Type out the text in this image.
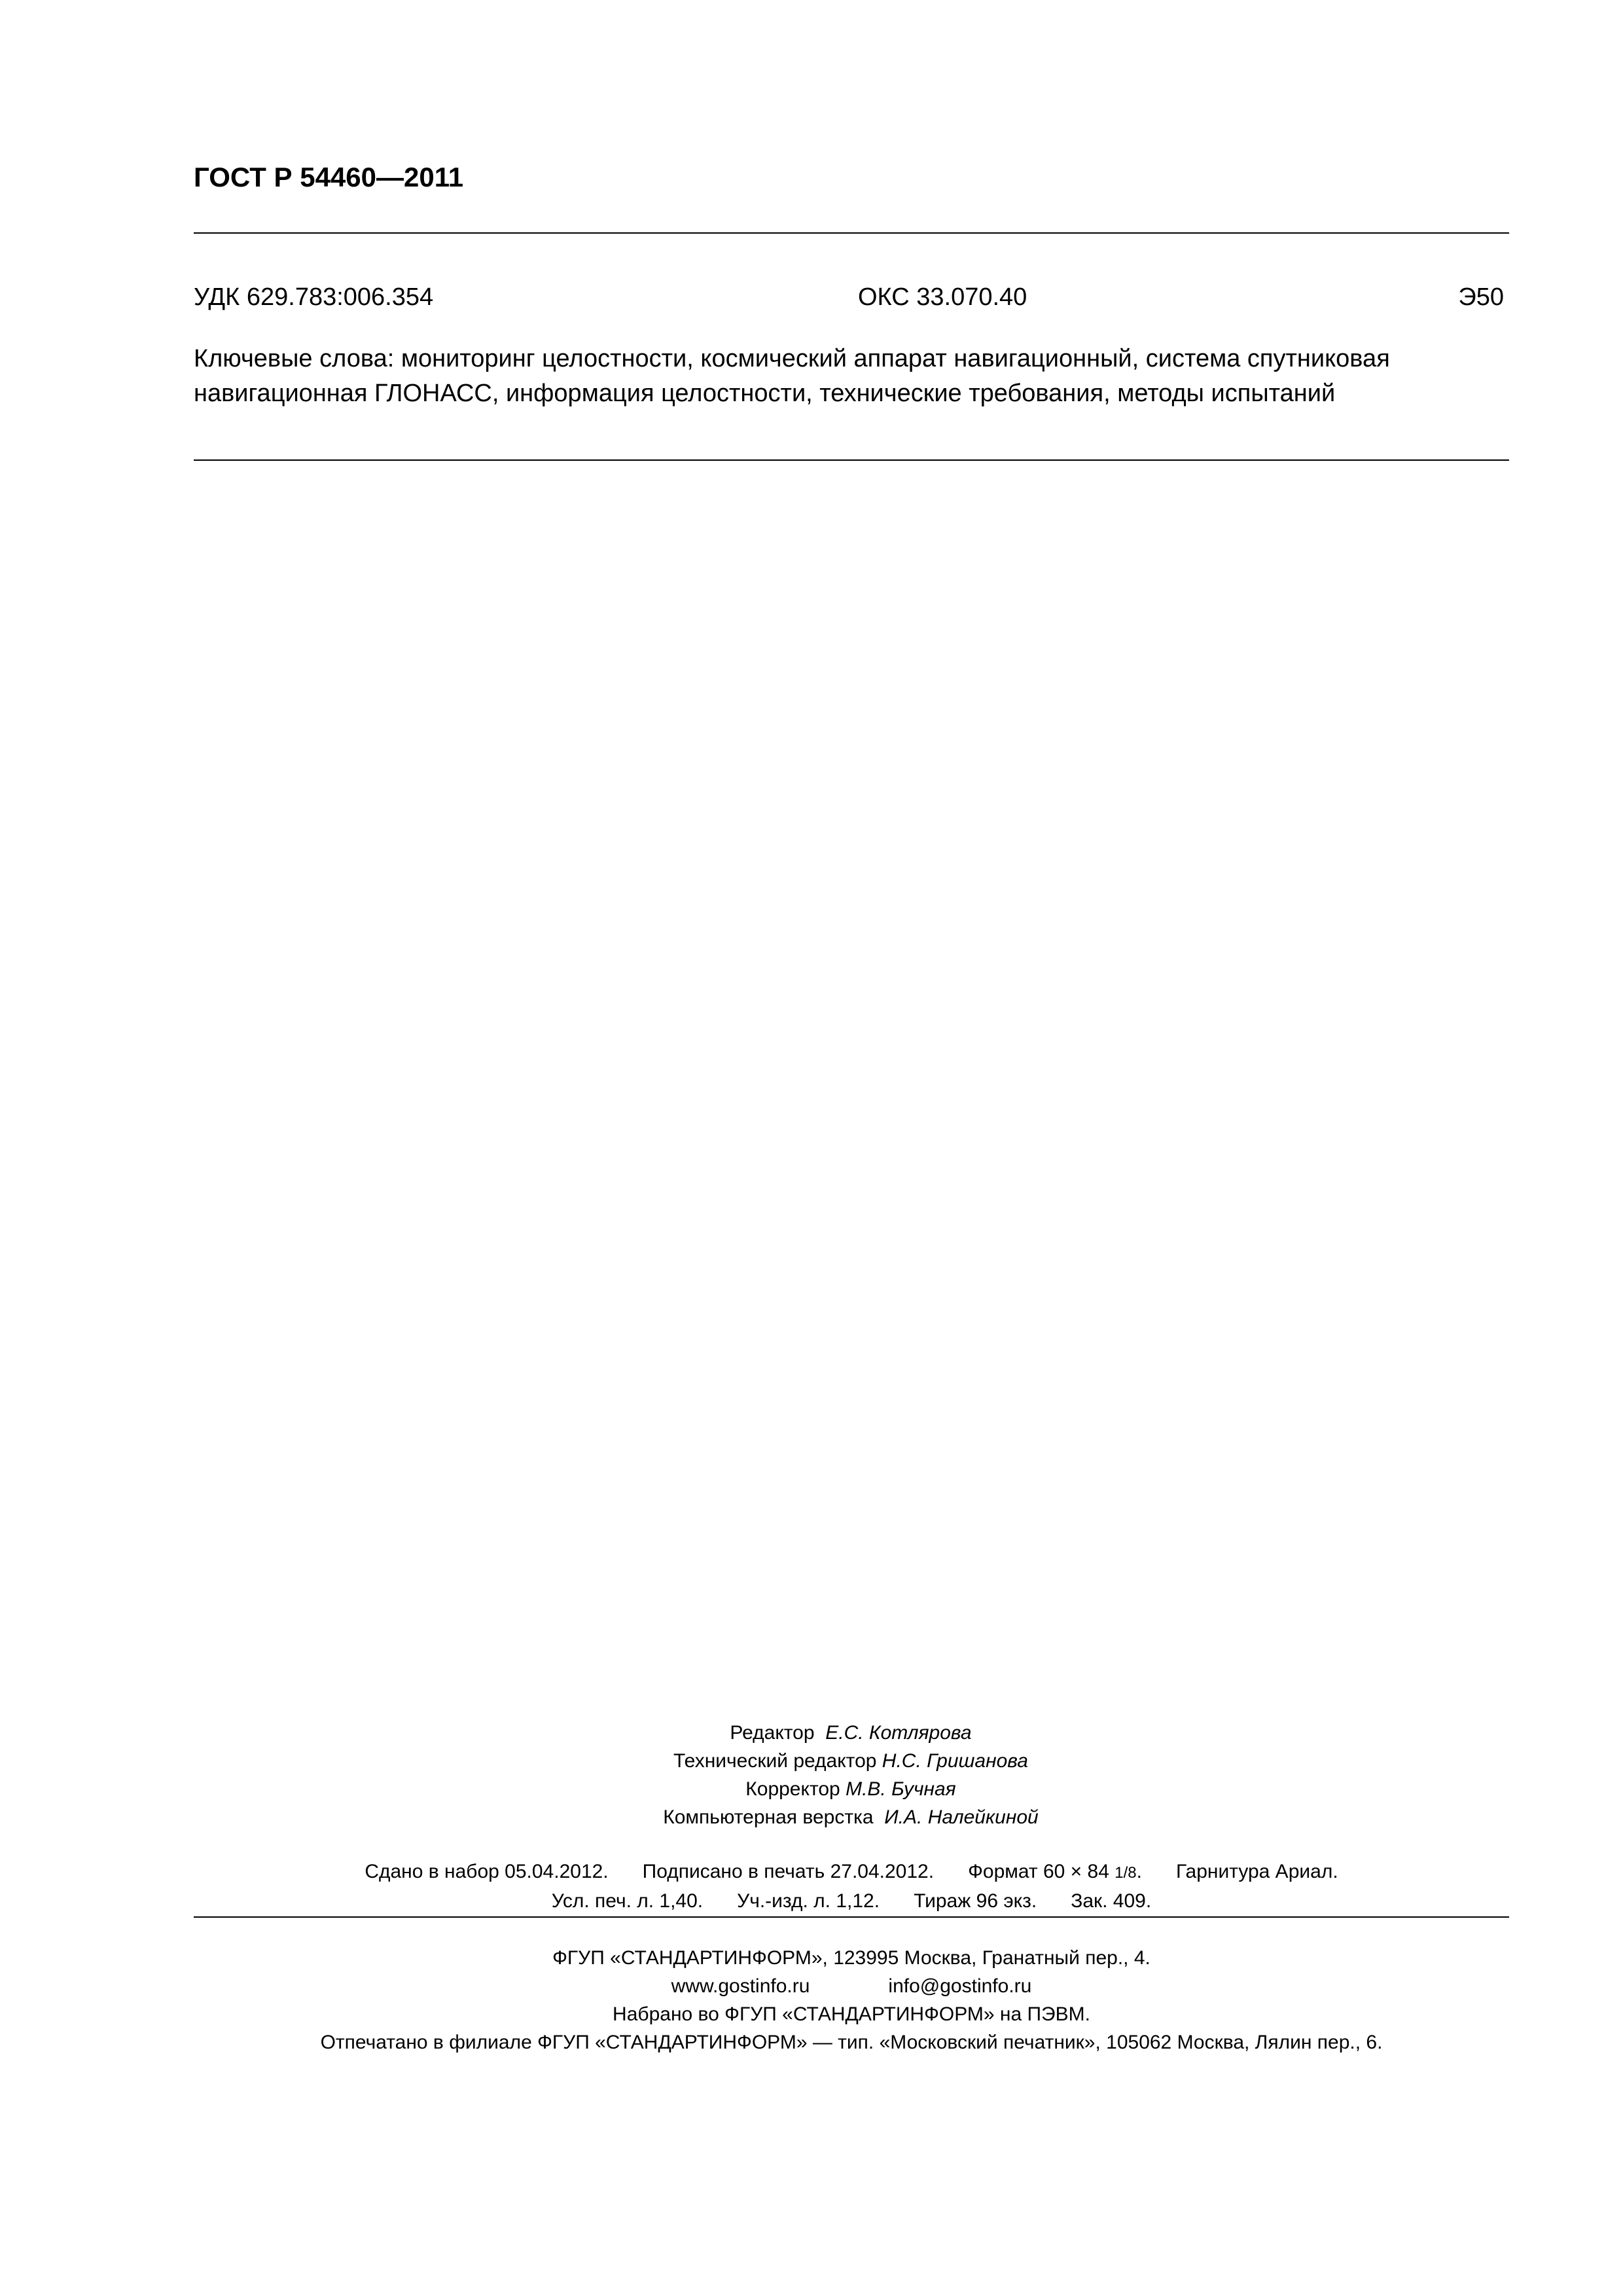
ГОСТ Р 54460—2011
УДК 629.783:006.354	ОКС 33.070.40	Э50
Ключевые слова: мониторинг целостности, космический аппарат навигационный, система спутниковая
навигационная ГЛОНАСС, информация целостности, технические требования, методы испытаний
Редактор Е.С. Котлярова
Технический редактор Н.С. Гришанова
Корректор М.В. Бучная
Компьютерная верстка И.А. Налейкиной
Сдано в набор 05.04.2012. Подписано в печать 27.04.2012. Формат 60 × 84 1/8. Гарнитура Ариал.
Усл. печ. л. 1,40. Уч.-изд. л. 1,12. Тираж 96 экз. Зак. 409.
ФГУП «СТАНДАРТИНФОРМ», 123995 Москва, Гранатный пер., 4.
www.gostinfo.ru	info@gostinfo.ru
Набрано во ФГУП «СТАНДАРТИНФОРМ» на ПЭВМ.
Отпечатано в филиале ФГУП «СТАНДАРТИНФОРМ» — тип. «Московский печатник», 105062 Москва, Лялин пер., 6.
